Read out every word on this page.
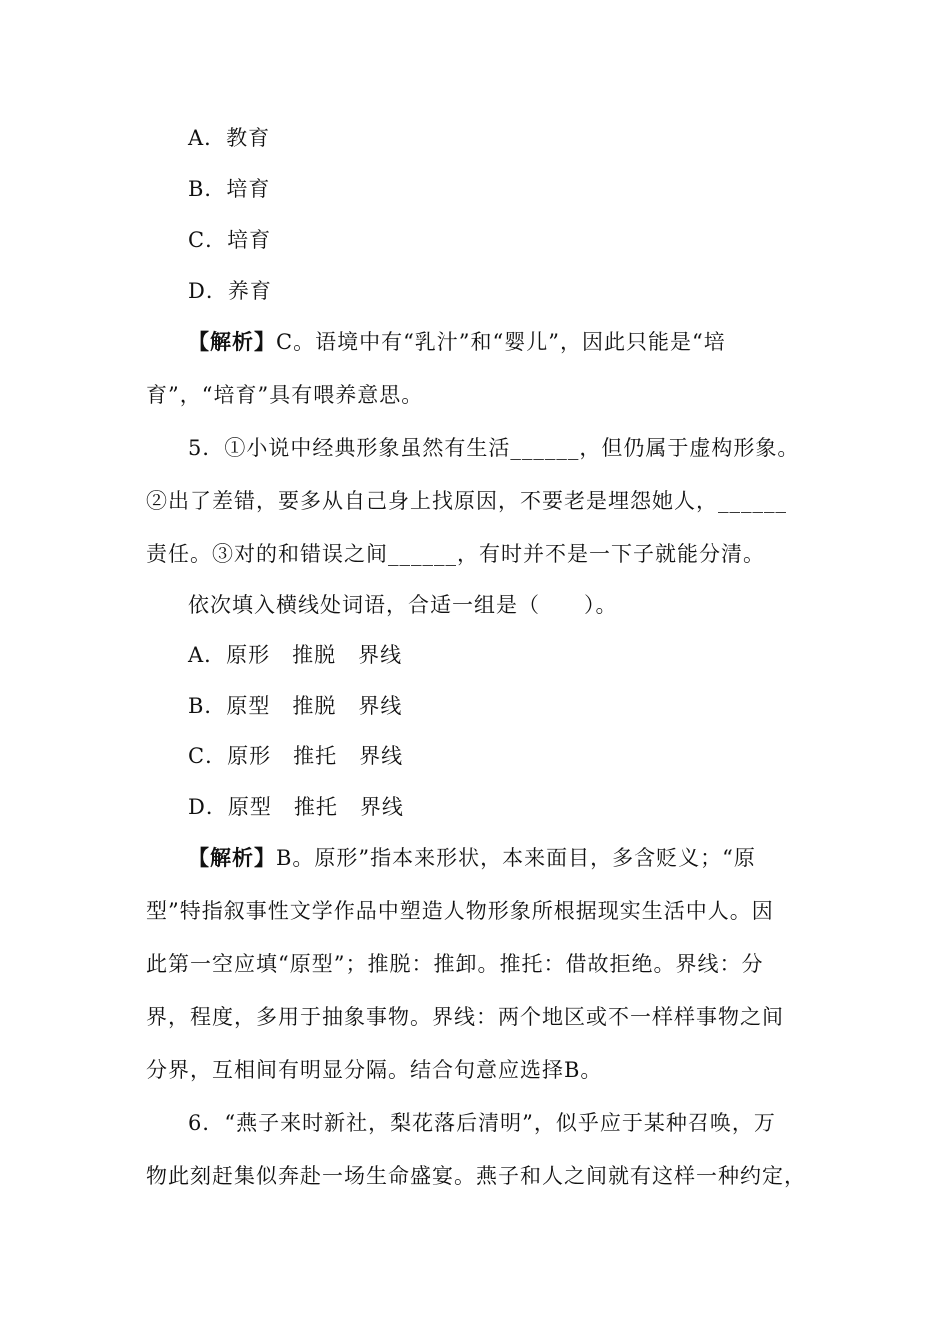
A．教育
B．培育
C．培育
D．养育
【解析】C。语境中有“乳汁”和“婴儿”，因此只能是“培
育”，“培育”具有喂养意思。
5．①小说中经典形象虽然有生活______，但仍属于虚构形象。
②出了差错，要多从自己身上找原因，不要老是埋怨她人，______
责任。③对的和错误之间______，有时并不是一下子就能分清。
依次填入横线处词语，合适一组是（　　）。
A．原形　推脱　界线
B．原型　推脱　界线
C．原形　推托　界线
D．原型　推托　界线
【解析】B。原形”指本来形状，本来面目，多含贬义；“原
型”特指叙事性文学作品中塑造人物形象所根据现实生活中人。因
此第一空应填“原型”；推脱：推卸。推托：借故拒绝。界线：分
界，程度，多用于抽象事物。界线：两个地区或不一样样事物之间
分界，互相间有明显分隔。结合句意应选择B。
6．“燕子来时新社，梨花落后清明”，似乎应于某种召唤，万
物此刻赶集似奔赴一场生命盛宴。燕子和人之间就有这样一种约定，
